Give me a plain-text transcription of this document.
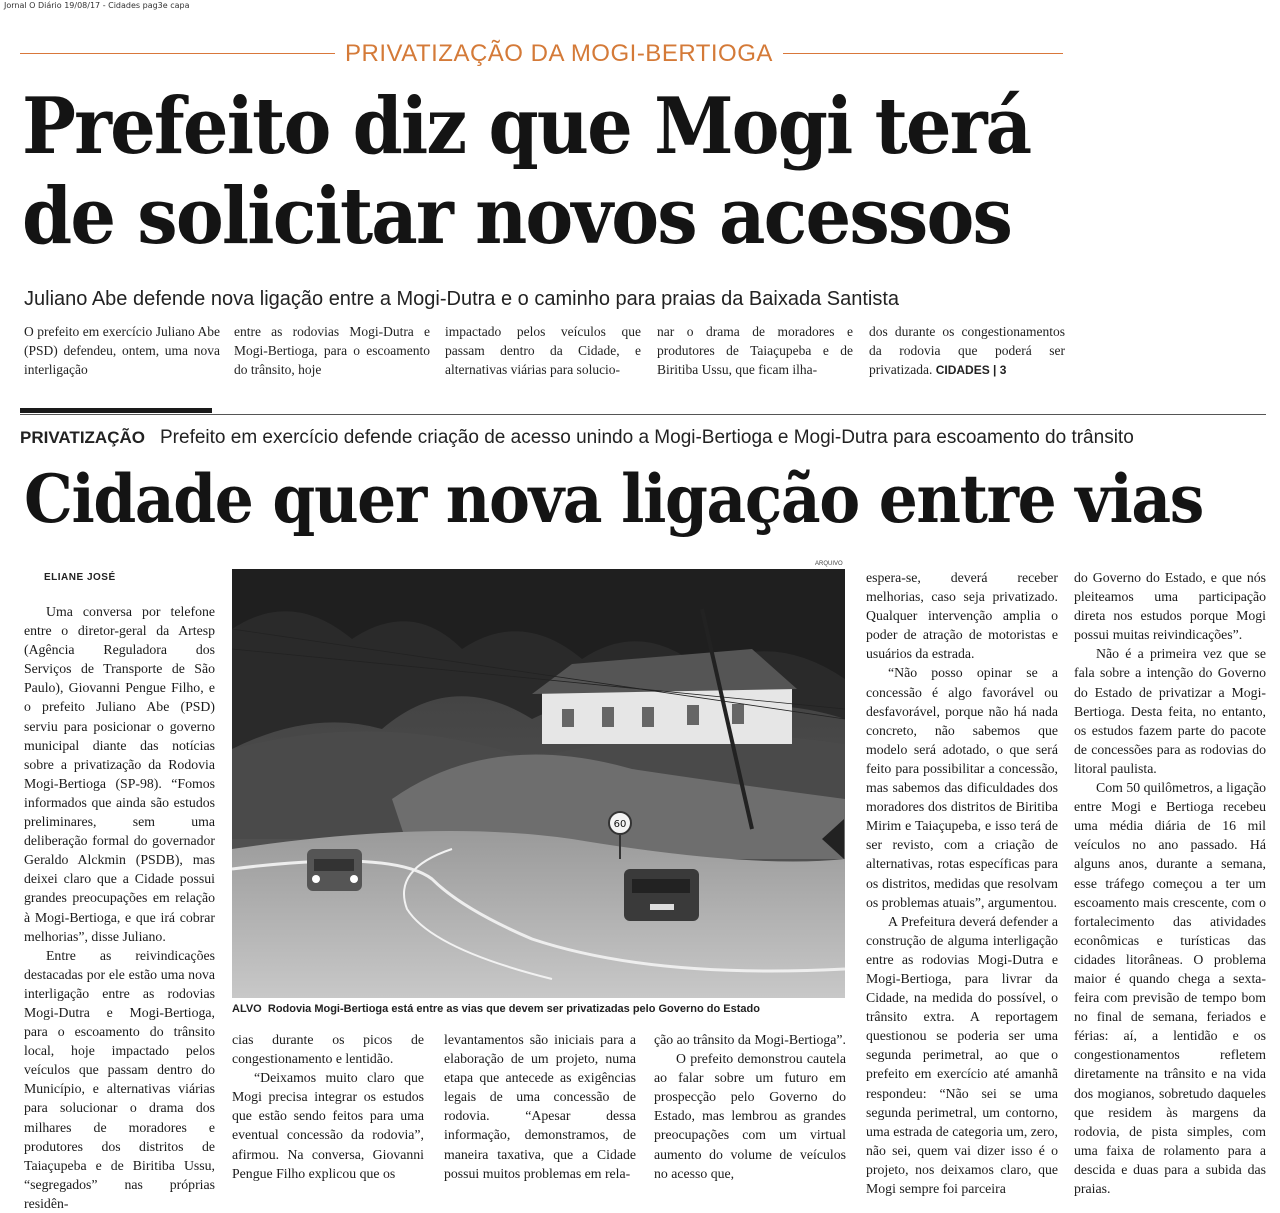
Jornal O Diário 19/08/17 - Cidades pag3e capa
PRIVATIZAÇÃO DA MOGI-BERTIOGA
Prefeito diz que Mogi terá
de solicitar novos acessos
Juliano Abe defende nova ligação entre a Mogi-Dutra e o caminho para praias da Baixada Santista
O prefeito em exercício Juliano Abe (PSD) defendeu, ontem, uma nova interligação
entre as rodovias Mogi-Dutra e Mogi-Bertioga, para o escoamento do trânsito, hoje
impactado pelos veículos que passam dentro da Cidade, e alternativas viárias para solucio-
nar o drama de moradores e produtores de Taiaçupeba e de Biritiba Ussu, que ficam ilha-
dos durante os congestionamentos da rodovia que poderá ser privatizada. CIDADES | 3
PRIVATIZAÇÃO Prefeito em exercício defende criação de acesso unindo a Mogi-Bertioga e Mogi-Dutra para escoamento do trânsito
Cidade quer nova ligação entre vias
ELIANE JOSÉ

Uma conversa por telefone entre o diretor-geral da Artesp (Agência Reguladora dos Serviços de Transporte de São Paulo), Giovanni Pengue Filho, e o prefeito Juliano Abe (PSD) serviu para posicionar o governo municipal diante das notícias sobre a privatização da Rodovia Mogi-Bertioga (SP-98). “Fomos informados que ainda são estudos preliminares, sem uma deliberação formal do governador Geraldo Alckmin (PSDB), mas deixei claro que a Cidade possui grandes preocupações em relação à Mogi-Bertioga, e que irá cobrar melhorias”, disse Juliano.

Entre as reivindicações destacadas por ele estão uma nova interligação entre as rodovias Mogi-Dutra e Mogi-Bertioga, para o escoamento do trânsito local, hoje impactado pelos veículos que passam dentro do Município, e alternativas viárias para solucionar o drama dos milhares de moradores e produtores dos distritos de Taiaçupeba e de Biritiba Ussu, “segregados” nas próprias residên-

ARQUIVO
60
ALVO Rodovia Mogi-Bertioga está entre as vias que devem ser privatizadas pelo Governo do Estado

cias durante os picos de congestionamento e lentidão.

“Deixamos muito claro que Mogi precisa integrar os estudos que estão sendo feitos para uma eventual concessão da rodovia”, afirmou. Na conversa, Giovanni Pengue Filho explicou que os

levantamentos são iniciais para a elaboração de um projeto, numa etapa que antecede as exigências legais de uma concessão de rodovia. “Apesar dessa informação, demonstramos, de maneira taxativa, que a Cidade possui muitos problemas em rela-

ção ao trânsito da Mogi-Bertioga”.

O prefeito demonstrou cautela ao falar sobre um futuro em prospecção pelo Governo do Estado, mas lembrou as grandes preocupações com um virtual aumento do volume de veículos no acesso que,

espera-se, deverá receber melhorias, caso seja privatizado. Qualquer intervenção amplia o poder de atração de motoristas e usuários da estrada.

“Não posso opinar se a concessão é algo favorável ou desfavorável, porque não há nada concreto, não sabemos que modelo será adotado, o que será feito para possibilitar a concessão, mas sabemos das dificuldades dos moradores dos distritos de Biritiba Mirim e Taiaçupeba, e isso terá de ser revisto, com a criação de alternativas, rotas específicas para os distritos, medidas que resolvam os problemas atuais”, argumentou.

A Prefeitura deverá defender a construção de alguma interligação entre as rodovias Mogi-Dutra e Mogi-Bertioga, para livrar da Cidade, na medida do possível, o trânsito extra. A reportagem questionou se poderia ser uma segunda perimetral, ao que o prefeito em exercício até amanhã respondeu: “Não sei se uma segunda perimetral, um contorno, uma estrada de categoria um, zero, não sei, quem vai dizer isso é o projeto, nos deixamos claro, que Mogi sempre foi parceira

do Governo do Estado, e que nós pleiteamos uma participação direta nos estudos porque Mogi possui muitas reivindicações”.

Não é a primeira vez que se fala sobre a intenção do Governo do Estado de privatizar a Mogi-Bertioga. Desta feita, no entanto, os estudos fazem parte do pacote de concessões para as rodovias do litoral paulista.

Com 50 quilômetros, a ligação entre Mogi e Bertioga recebeu uma média diária de 16 mil veículos no ano passado. Há alguns anos, durante a semana, esse tráfego começou a ter um escoamento mais crescente, com o fortalecimento das atividades econômicas e turísticas das cidades litorâneas. O problema maior é quando chega a sexta-feira com previsão de tempo bom no final de semana, feriados e férias: aí, a lentidão e os congestionamentos refletem diretamente na trânsito e na vida dos mogianos, sobretudo daqueles que residem às margens da rodovia, de pista simples, com uma faixa de rolamento para a descida e duas para a subida das praias.
